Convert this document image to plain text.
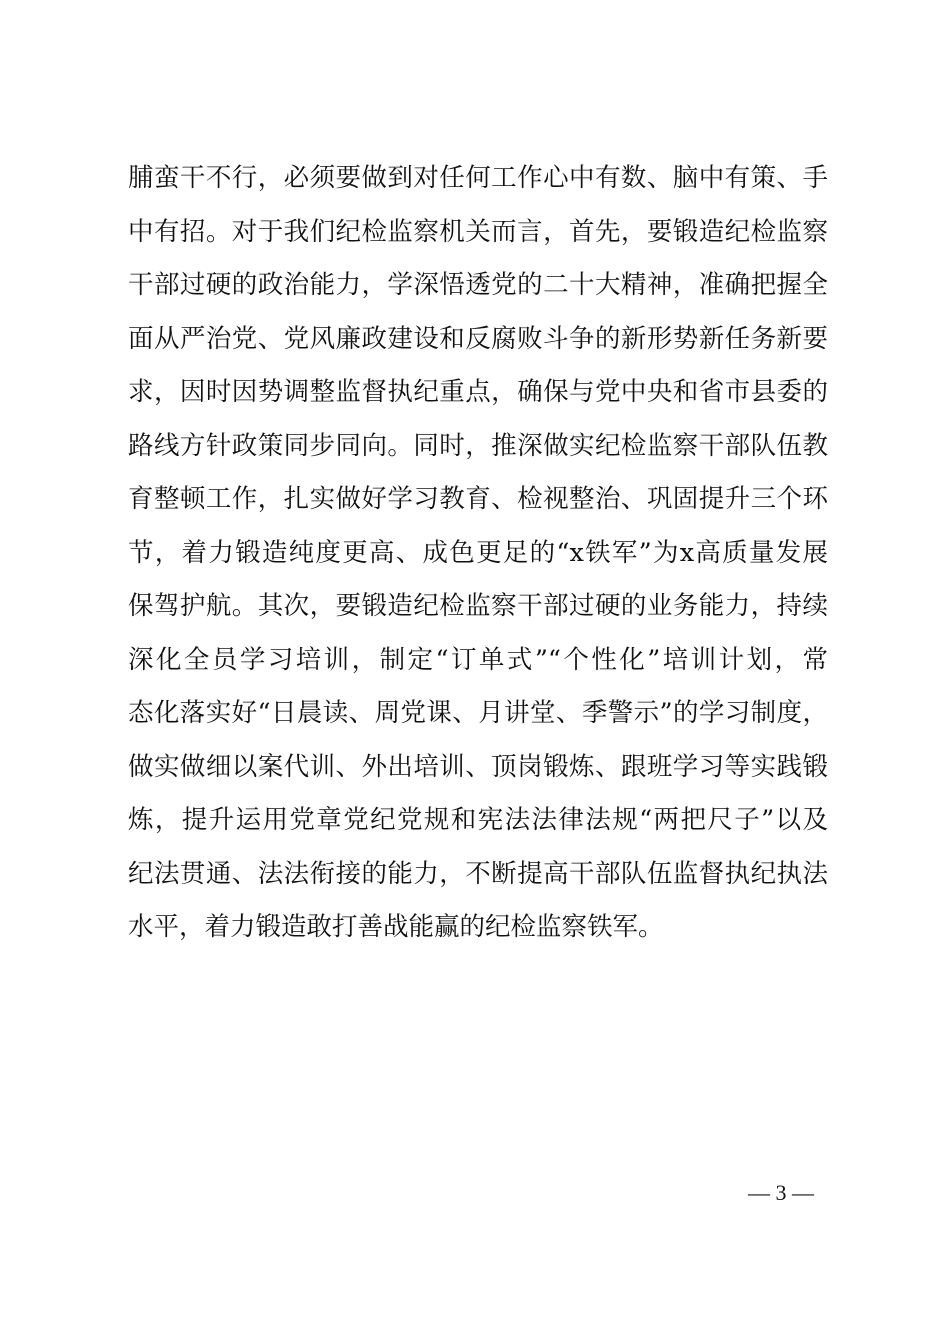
脯蛮干不行，必须要做到对任何工作心中有数、脑中有策、手
中有招。对于我们纪检监察机关而言，首先，要锻造纪检监察
干部过硬的政治能力，学深悟透党的二十大精神，准确把握全
面从严治党、党风廉政建设和反腐败斗争的新形势新任务新要
求，因时因势调整监督执纪重点，确保与党中央和省市县委的
路线方针政策同步同向。同时，推深做实纪检监察干部队伍教
育整顿工作，扎实做好学习教育、检视整治、巩固提升三个环
节，着力锻造纯度更高、成色更足的“x铁军”为x高质量发展
保驾护航。其次，要锻造纪检监察干部过硬的业务能力，持续
深化全员学习培训，制定“订单式”“个性化”培训计划，常
态化落实好“日晨读、周党课、月讲堂、季警示”的学习制度，
做实做细以案代训、外出培训、顶岗锻炼、跟班学习等实践锻
炼，提升运用党章党纪党规和宪法法律法规“两把尺子”以及
纪法贯通、法法衔接的能力，不断提高干部队伍监督执纪执法
水平，着力锻造敢打善战能赢的纪检监察铁军。
— 3 —
